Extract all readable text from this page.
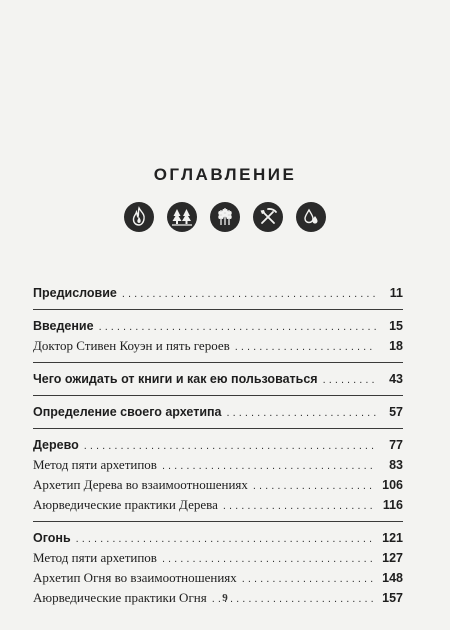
ОГЛАВЛЕНИЕ
Предисловие . . .	11
Введение . . .	15
Доктор Стивен Коуэн и пять героев . . .	18
Чего ожидать от книги и как ею пользоваться . . .	43
Определение своего архетипа . . .	57
Дерево . . .	77
Метод пяти архетипов . . .	83
Архетип Дерева во взаимоотношениях . . .	106
Аюрведические практики Дерева . . .	116
Огонь . . .	121
Метод пяти архетипов . . .	127
Архетип Огня во взаимоотношениях . . .	148
Аюрведические практики Огня . . .	157
9
